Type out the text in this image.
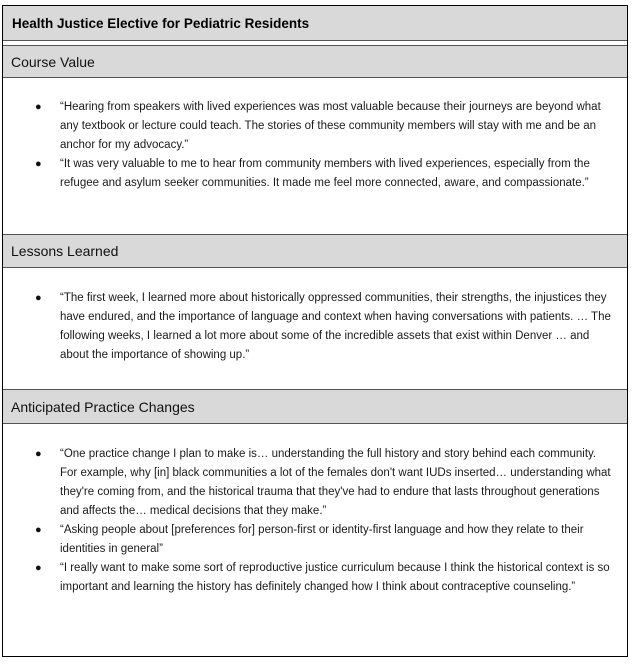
Health Justice Elective for Pediatric Residents
Course Value
● “Hearing from speakers with lived experiences was most valuable because their journeys are beyond what any textbook or lecture could teach. The stories of these community members will stay with me and be an anchor for my advocacy.”
● “It was very valuable to me to hear from community members with lived experiences, especially from the refugee and asylum seeker communities. It made me feel more connected, aware, and compassionate.”
Lessons Learned
● “The first week, I learned more about historically oppressed communities, their strengths, the injustices they have endured, and the importance of language and context when having conversations with patients. … The following weeks, I learned a lot more about some of the incredible assets that exist within Denver … and about the importance of showing up.”
Anticipated Practice Changes
● “One practice change I plan to make is… understanding the full history and story behind each community. For example, why [in] black communities a lot of the females don't want IUDs inserted… understanding what they're coming from, and the historical trauma that they've had to endure that lasts throughout generations and affects the… medical decisions that they make.”
● “Asking people about [preferences for] person-first or identity-first language and how they relate to their identities in general”
● “I really want to make some sort of reproductive justice curriculum because I think the historical context is so important and learning the history has definitely changed how I think about contraceptive counseling.”
